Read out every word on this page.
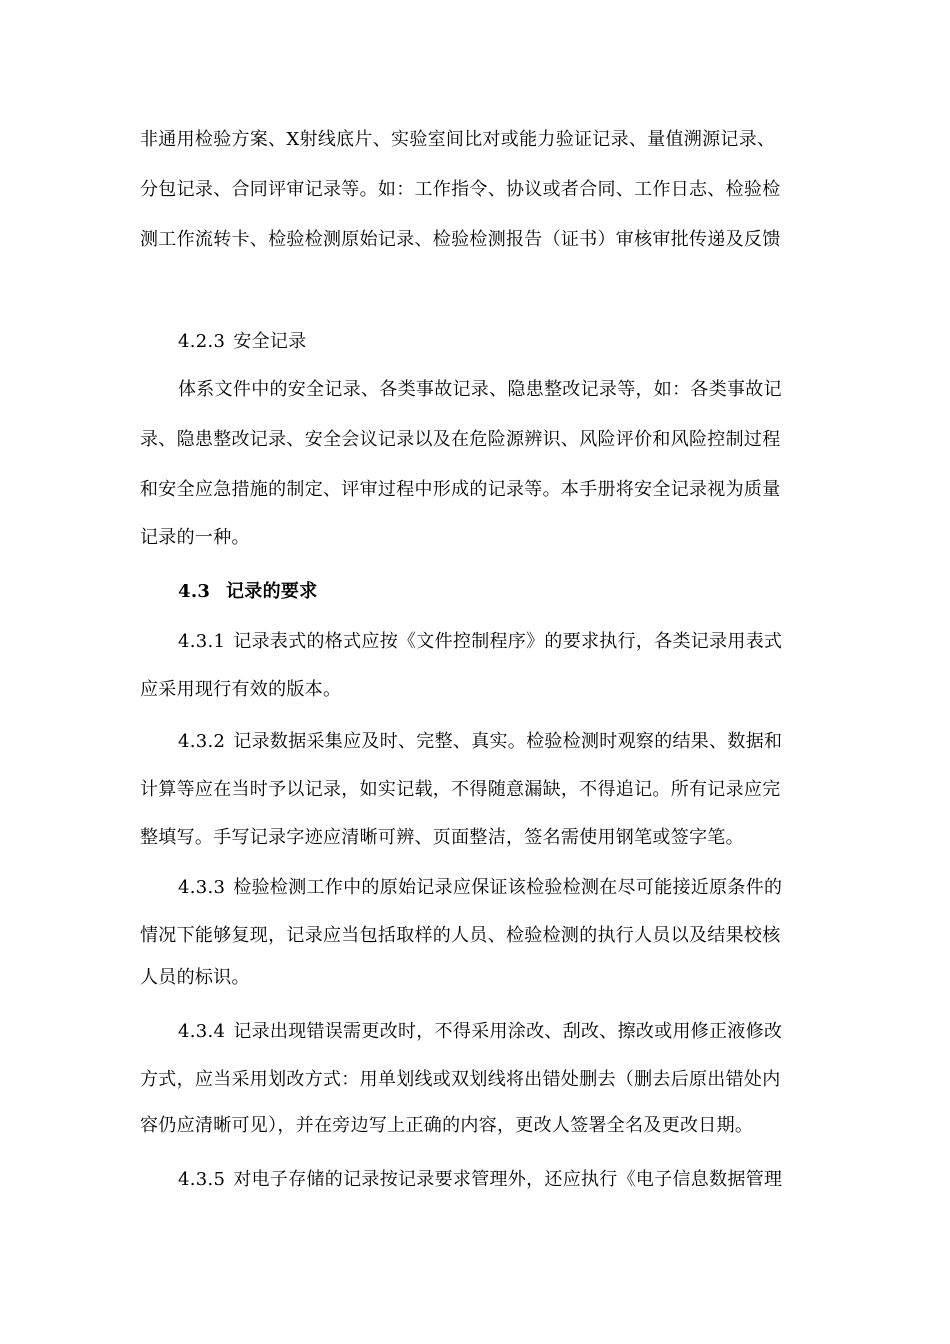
非通用检验方案、X射线底片、实验室间比对或能力验证记录、量值溯源记录、
分包记录、合同评审记录等。如：工作指令、协议或者合同、工作日志、检验检
测工作流转卡、检验检测原始记录、检验检测报告（证书）审核审批传递及反馈
4.2.3 安全记录
体系文件中的安全记录、各类事故记录、隐患整改记录等，如：各类事故记
录、隐患整改记录、安全会议记录以及在危险源辨识、风险评价和风险控制过程
和安全应急措施的制定、评审过程中形成的记录等。本手册将安全记录视为质量
记录的一种。
4.3 记录的要求
4.3.1 记录表式的格式应按《文件控制程序》的要求执行，各类记录用表式
应采用现行有效的版本。
4.3.2 记录数据采集应及时、完整、真实。检验检测时观察的结果、数据和
计算等应在当时予以记录，如实记载，不得随意漏缺，不得追记。所有记录应完
整填写。手写记录字迹应清晰可辨、页面整洁，签名需使用钢笔或签字笔。
4.3.3 检验检测工作中的原始记录应保证该检验检测在尽可能接近原条件的
情况下能够复现，记录应当包括取样的人员、检验检测的执行人员以及结果校核
人员的标识。
4.3.4 记录出现错误需更改时，不得采用涂改、刮改、擦改或用修正液修改
方式，应当采用划改方式：用单划线或双划线将出错处删去（删去后原出错处内
容仍应清晰可见），并在旁边写上正确的内容，更改人签署全名及更改日期。
4.3.5 对电子存储的记录按记录要求管理外，还应执行《电子信息数据管理
